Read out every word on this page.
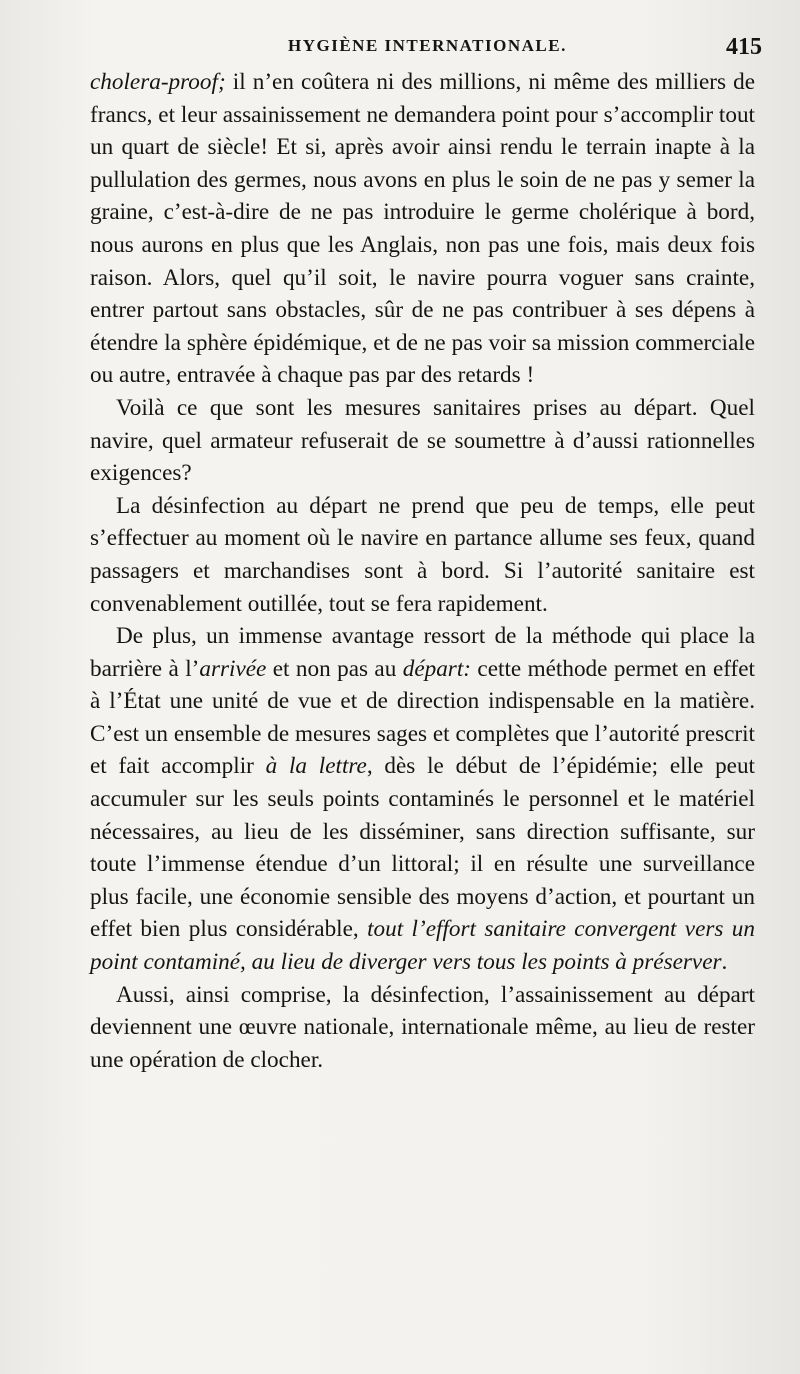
HYGIÈNE INTERNATIONALE.	415

cholera-proof; il n’en coûtera ni des millions, ni même des milliers de francs, et leur assainissement ne demandera point pour s’accomplir tout un quart de siècle! Et si, après avoir ainsi rendu le terrain inapte à la pullulation des germes, nous avons en plus le soin de ne pas y semer la graine, c’est-à-dire de ne pas introduire le germe cholérique à bord, nous aurons en plus que les Anglais, non pas une fois, mais deux fois raison. Alors, quel qu’il soit, le navire pourra voguer sans crainte, entrer partout sans obstacles, sûr de ne pas contribuer à ses dépens à étendre la sphère épidémique, et de ne pas voir sa mission commerciale ou autre, entravée à chaque pas par des retards !

Voilà ce que sont les mesures sanitaires prises au départ. Quel navire, quel armateur refuserait de se soumettre à d’aussi rationnelles exigences?

La désinfection au départ ne prend que peu de temps, elle peut s’effectuer au moment où le navire en partance allume ses feux, quand passagers et marchandises sont à bord. Si l’autorité sanitaire est convenablement outillée, tout se fera rapidement.

De plus, un immense avantage ressort de la méthode qui place la barrière à l’arrivée et non pas au départ: cette méthode permet en effet à l’État une unité de vue et de direction indispensable en la matière. C’est un ensemble de mesures sages et complètes que l’autorité prescrit et fait accomplir à la lettre, dès le début de l’épidémie; elle peut accumuler sur les seuls points contaminés le personnel et le matériel nécessaires, au lieu de les disséminer, sans direction suffisante, sur toute l’immense étendue d’un littoral; il en résulte une surveillance plus facile, une économie sensible des moyens d’action, et pourtant un effet bien plus considérable, tout l’effort sanitaire convergent vers un point contaminé, au lieu de diverger vers tous les points à préserver.

Aussi, ainsi comprise, la désinfection, l’assainissement au départ deviennent une œuvre nationale, internationale même, au lieu de rester une opération de clocher.
